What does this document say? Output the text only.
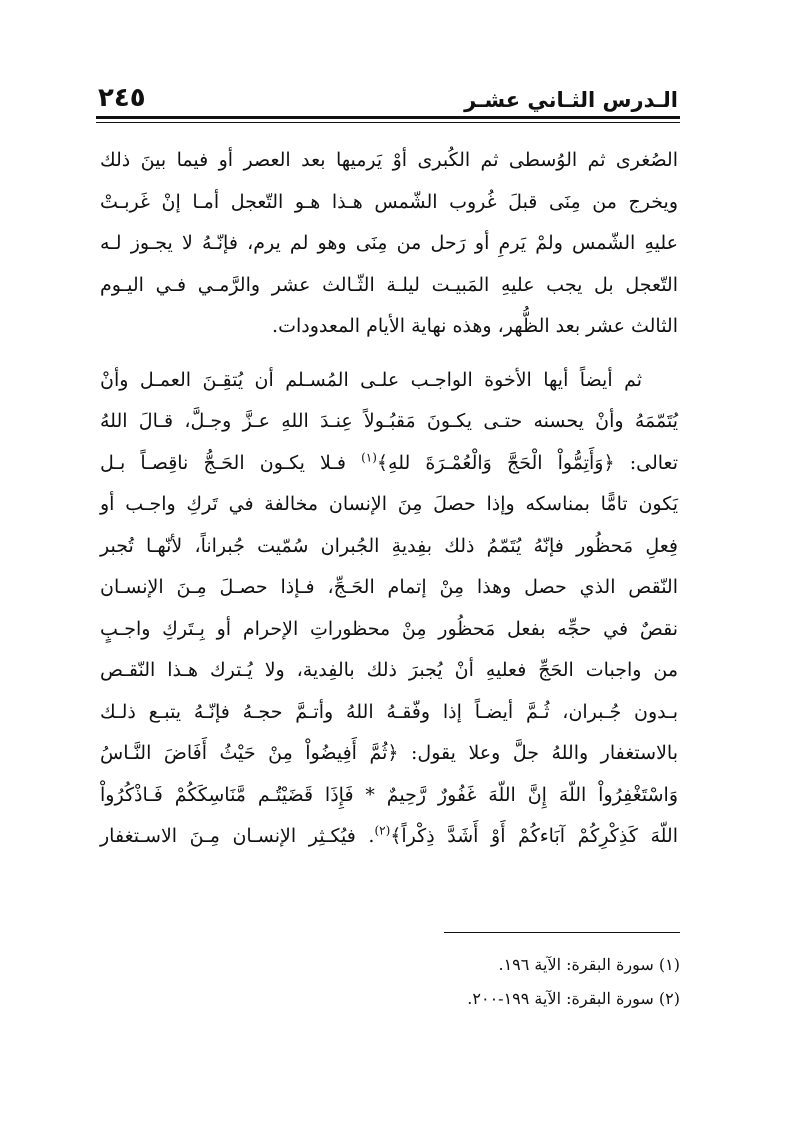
الـدرس الثـاني عشـر
٢٤٥
الصُغرى ثم الوُسطى ثم الكُبرى أوْ يَرميها بعد العصر أو فيما بينَ ذلك
ويخرج من مِنَى قبلَ غُروب الشّمس هـذا هـو التّعجل أمـا إنْ غَربـتْ
عليهِ الشّمس ولمْ يَرمِ أو رَحل من مِنَى وهو لم يرم، فإنّـهُ لا يجـوز لـه
التّعجل بل يجب عليهِ المَبيـت ليلـة الثّـالث عشر والرَّمـي فـي اليـوم
الثالث عشر بعد الظُّهر، وهذه نهاية الأيام المعدودات.
ثم أيضاً أيها الأخوة الواجـب علـى المُسـلم أن يُتقِـنَ العمـل وأنْ
يُتَمّمَهُ وأنْ يحسنه حتـى يكـونَ مَقبُـولاً عِنـدَ اللهِ عـزَّ وجـلَّ، قـالَ اللهُ
تعالى: ﴿وَأَتِمُّواْ الْحَجَّ وَالْعُمْـرَةَ للهِ﴾$^{(١)}$ فـلا يكـون الحَـجُّ ناقِصـاً بـل
يَكون تامًّا بمناسكه وإذا حصلَ مِنَ الإنسان مخالفة في تَركِ واجـب أو
فِعلِ مَحظُور فإنّهُ يُتَمّمُ ذلك بفِديةِ الجُبران سُمّيت جُبراناً، لأنّهـا تُجبر
النّقص الذي حصل وهذا مِنْ إتمام الحَـجِّ، فـإذا حصـلَ مِـنَ الإنسـان
نقصٌ في حجِّه بفعل مَحظُور مِنْ محظوراتِ الإحرام أو بِـتَركِ واجـبٍ
من واجبات الحَجِّ فعليهِ أنْ يُجبرَ ذلك بالفِدية، ولا يُـترك هـذا النّقـص
بـدون جُـبران، ثُـمَّ أيضـاً إذا وفّقـهُ اللهُ وأتـمَّ حجـهُ فإنّـهُ يتبـع ذلـك
بالاستغفار واللهُ جلَّ وعلا يقول: ﴿ثُمَّ أَفِيضُواْ مِنْ حَيْثُ أَفَاضَ النَّـاسُ
وَاسْتَغْفِرُواْ اللّهَ إِنَّ اللّهَ غَفُورٌ رَّحِيمٌ * فَإِذَا قَضَيْتُـم مَّنَاسِكَكُمْ فَـاذْكُرُواْ
اللّهَ كَذِكْرِكُمْ آبَاءكُمْ أَوْ أَشَدَّ ذِكْراً﴾$^{(٢)}$. فيُكـثِر الإنسـان مِـنَ الاسـتغفار
(١) سورة البقرة: الآية ١٩٦.
(٢) سورة البقرة: الآية ١٩٩-٢٠٠.
